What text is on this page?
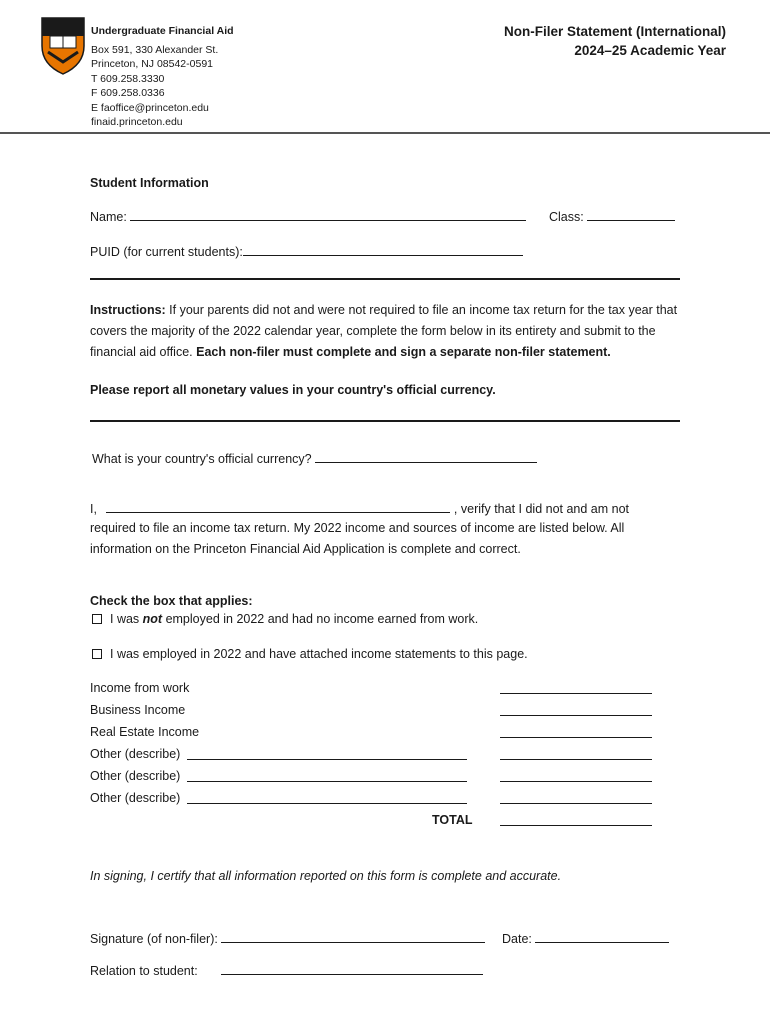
Undergraduate Financial Aid
Box 591, 330 Alexander St.
Princeton, NJ 08542-0591
T 609.258.3330
F 609.258.0336
E faoffice@princeton.edu
finaid.princeton.edu
Non-Filer Statement (International)
2024–25 Academic Year
Student Information
Name:	Class:
PUID (for current students):
Instructions: If your parents did not and were not required to file an income tax return for the tax year that covers the majority of the 2022 calendar year, complete the form below in its entirety and submit to the financial aid office. Each non-filer must complete and sign a separate non-filer statement.
Please report all monetary values in your country's official currency.
What is your country's official currency?
I,	, verify that I did not and am not
required to file an income tax return. My 2022 income and sources of income are listed below. All information on the Princeton Financial Aid Application is complete and correct.
Check the box that applies:
I was not employed in 2022 and had no income earned from work.
I was employed in 2022 and have attached income statements to this page.
Income from work
Business Income
Real Estate Income
Other (describe)
Other (describe)
Other (describe)
TOTAL
In signing, I certify that all information reported on this form is complete and accurate.
Signature (of non-filer):	Date:
Relation to student:
